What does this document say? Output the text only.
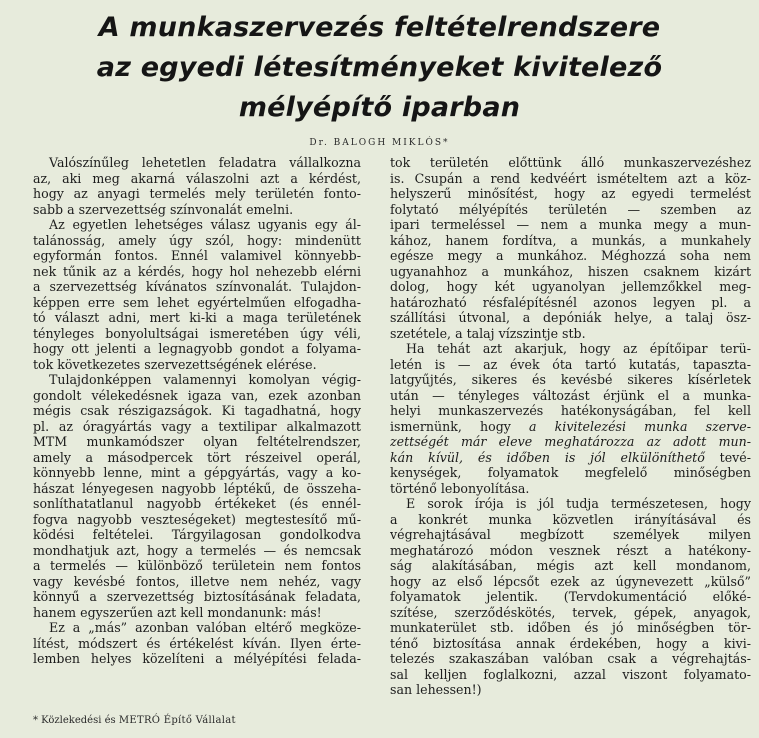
A munkaszervezés feltételrendszere
az egyedi létesítményeket kivitelező
mélyépítő iparban
Dr. BALOGH MIKLÓS*
Valószínűleg lehetetlen feladatra vállalkozna
az, aki meg akarná válaszolni azt a kérdést,
hogy az anyagi termelés mely területén fonto-
sabb a szervezettség színvonalát emelni.
Az egyetlen lehetséges válasz ugyanis egy ál-
talánosság, amely úgy szól, hogy: mindenütt
egyformán fontos. Ennél valamivel könnyebb-
nek tűnik az a kérdés, hogy hol nehezebb elérni
a szervezettség kívánatos színvonalát. Tulajdon-
képpen erre sem lehet egyértelműen elfogadha-
tó választ adni, mert ki-ki a maga területének
tényleges bonyolultságai ismeretében úgy véli,
hogy ott jelenti a legnagyobb gondot a folyama-
tok következetes szervezettségének elérése.
Tulajdonképpen valamennyi komolyan végig-
gondolt vélekedésnek igaza van, ezek azonban
mégis csak részigazságok. Ki tagadhatná, hogy
pl. az óragyártás vagy a textilipar alkalmazott
MTM munkamódszer olyan feltételrendszer,
amely a másodpercek tört részeivel operál,
könnyebb lenne, mint a gépgyártás, vagy a ko-
hászat lényegesen nagyobb léptékű, de összeha-
sonlíthatatlanul nagyobb értékeket (és ennél-
fogva nagyobb veszteségeket) megtestesítő mű-
ködési feltételei. Tárgyilagosan gondolkodva
mondhatjuk azt, hogy a termelés — és nemcsak
a termelés — különböző területein nem fontos
vagy kevésbé fontos, illetve nem nehéz, vagy
könnyű a szervezettség biztosításának feladata,
hanem egyszerűen azt kell mondanunk: más!
Ez a „más” azonban valóban eltérő megköze-
lítést, módszert és értékelést kíván. Ilyen érte-
lemben helyes közelíteni a mélyépítési felada-
tok területén előttünk álló munkaszervezéshez
is. Csupán a rend kedvéért ismételtem azt a köz-
helyszerű minősítést, hogy az egyedi termelést
folytató mélyépítés területén — szemben az
ipari termeléssel — nem a munka megy a mun-
kához, hanem fordítva, a munkás, a munkahely
egésze megy a munkához. Méghozzá soha nem
ugyanahhoz a munkához, hiszen csaknem kizárt
dolog, hogy két ugyanolyan jellemzőkkel meg-
határozható résfalépítésnél azonos legyen pl. a
szállítási útvonal, a depóniák helye, a talaj ösz-
szetétele, a talaj vízszintje stb.
Ha tehát azt akarjuk, hogy az építőipar terü-
letén is — az évek óta tartó kutatás, tapaszta-
latgyűjtés, sikeres és kevésbé sikeres kísérletek
után — tényleges változást érjünk el a munka-
helyi munkaszervezés hatékonyságában, fel kell
ismernünk, hogy a kivitelezési munka szerve-
zettségét már eleve meghatározza az adott mun-
kán kívül, és időben is jól elkülöníthető tevé-
kenységek, folyamatok megfelelő minőségben
történő lebonyolítása.
E sorok írója is jól tudja természetesen, hogy
a konkrét munka közvetlen irányításával és
végrehajtásával megbízott személyek milyen
meghatározó módon vesznek részt a hatékony-
ság alakításában, mégis azt kell mondanom,
hogy az első lépcsőt ezek az úgynevezett „külső”
folyamatok jelentik. (Tervdokumentáció előké-
szítése, szerződéskötés, tervek, gépek, anyagok,
munkaterület stb. időben és jó minőségben tör-
ténő biztosítása annak érdekében, hogy a kivi-
telezés szakaszában valóban csak a végrehajtás-
sal kelljen foglalkozni, azzal viszont folyamato-
san lehessen!)
* Közlekedési és METRÓ Építő Vállalat
